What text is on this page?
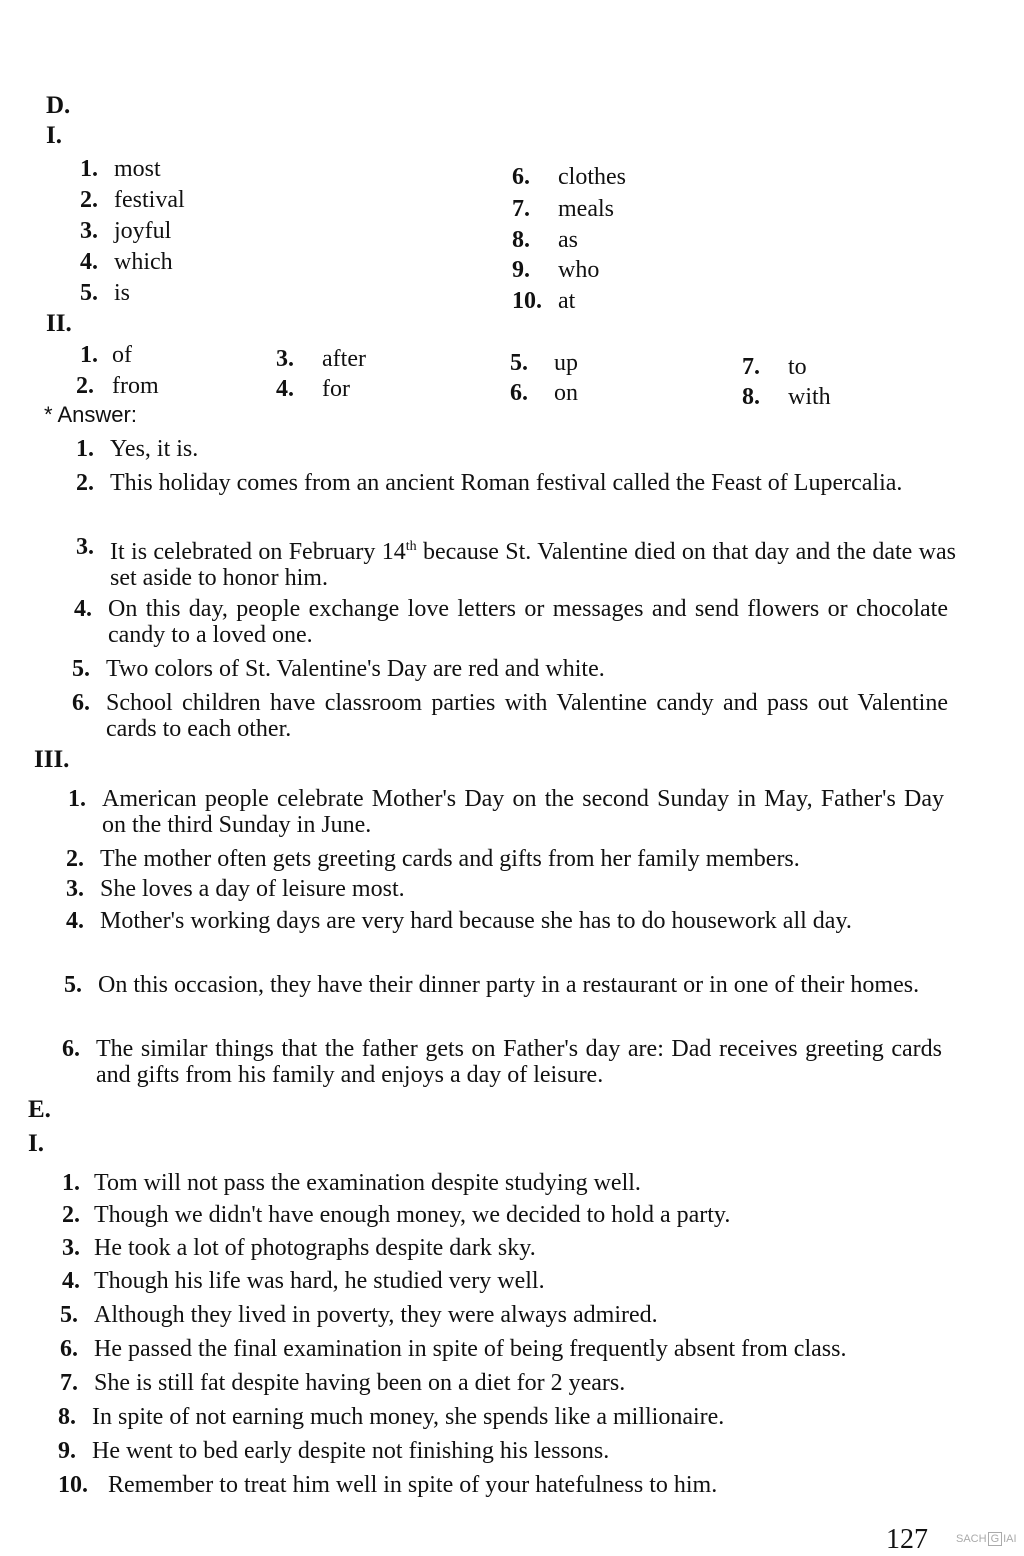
D.
I.
1. most
2. festival
3. joyful
4. which
5. is
6. clothes
7. meals
8. as
9. who
10. at
II.
1. of
2. from
3. after
4. for
5. up
6. on
7. to
8. with
* Answer:
1. Yes, it is.
2. This holiday comes from an ancient Roman festival called the Feast of Lupercalia.
3. It is celebrated on February 14th because St. Valentine died on that day and the date was set aside to honor him.
4. On this day, people exchange love letters or messages and send flowers or chocolate candy to a loved one.
5. Two colors of St. Valentine's Day are red and white.
6. School children have classroom parties with Valentine candy and pass out Valentine cards to each other.
III.
1. American people celebrate Mother's Day on the second Sunday in May, Father's Day on the third Sunday in June.
2. The mother often gets greeting cards and gifts from her family members.
3. She loves a day of leisure most.
4. Mother's working days are very hard because she has to do housework all day.
5. On this occasion, they have their dinner party in a restaurant or in one of their homes.
6. The similar things that the father gets on Father's day are: Dad receives greeting cards and gifts from his family and enjoys a day of leisure.
E.
I.
1. Tom will not pass the examination despite studying well.
2. Though we didn't have enough money, we decided to hold a party.
3. He took a lot of photographs despite dark sky.
4. Though his life was hard, he studied very well.
5. Although they lived in poverty, they were always admired.
6. He passed the final examination in spite of being frequently absent from class.
7. She is still fat despite having been on a diet for 2 years.
8. In spite of not earning much money, she spends like a millionaire.
9. He went to bed early despite not finishing his lessons.
10. Remember to treat him well in spite of your hatefulness to him.
127	SACH G IAI
